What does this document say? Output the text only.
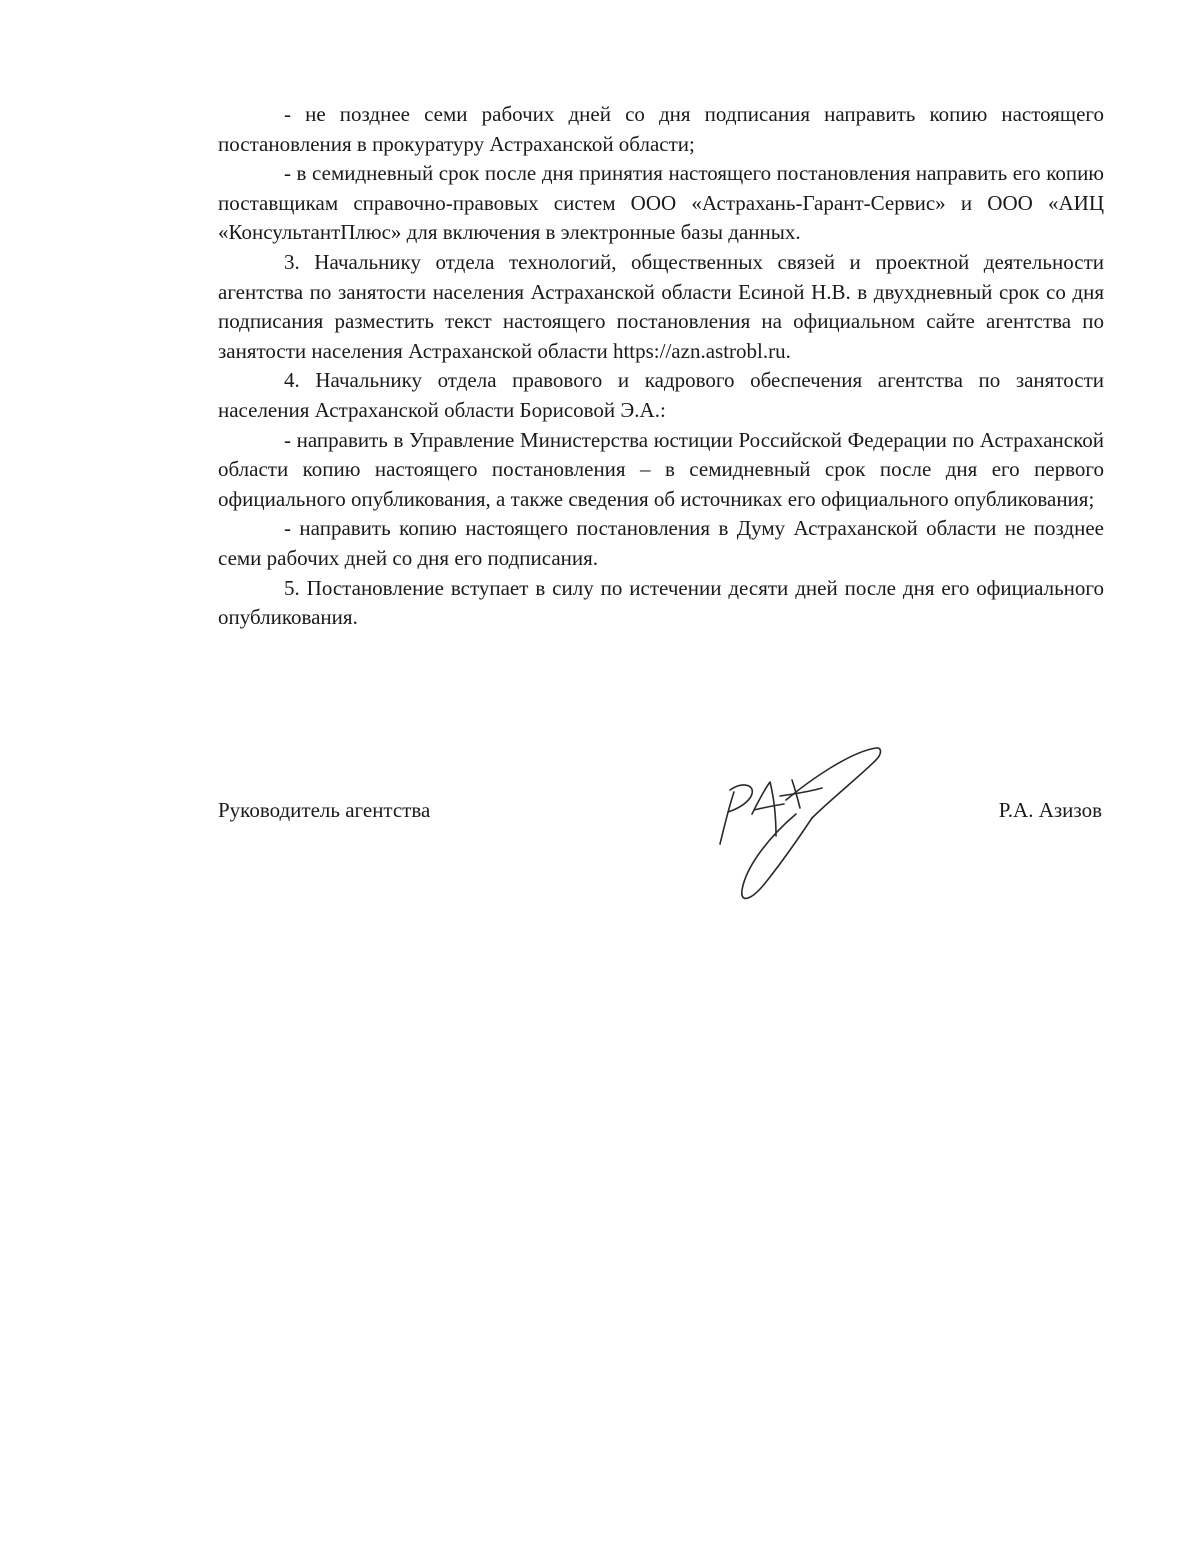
- не позднее семи рабочих дней со дня подписания направить копию настоящего постановления в прокуратуру Астраханской области;

- в семидневный срок после дня принятия настоящего постановления направить его копию поставщикам справочно-правовых систем ООО «Астрахань-Гарант-Сервис» и ООО «АИЦ «КонсультантПлюс» для включения в электронные базы данных.

3. Начальнику отдела технологий, общественных связей и проектной деятельности агентства по занятости населения Астраханской области Есиной Н.В. в двухдневный срок со дня подписания разместить текст настоящего постановления на официальном сайте агентства по занятости населения Астраханской области https://azn.astrobl.ru.

4. Начальнику отдела правового и кадрового обеспечения агентства по занятости населения Астраханской области Борисовой Э.А.:

- направить в Управление Министерства юстиции Российской Федерации по Астраханской области копию настоящего постановления – в семидневный срок после дня его первого официального опубликования, а также сведения об источниках его официального опубликования;

- направить копию настоящего постановления в Думу Астраханской области не позднее семи рабочих дней со дня его подписания.

5. Постановление вступает в силу по истечении десяти дней после дня его официального опубликования.

Руководитель агентства	Р.А. Азизов
